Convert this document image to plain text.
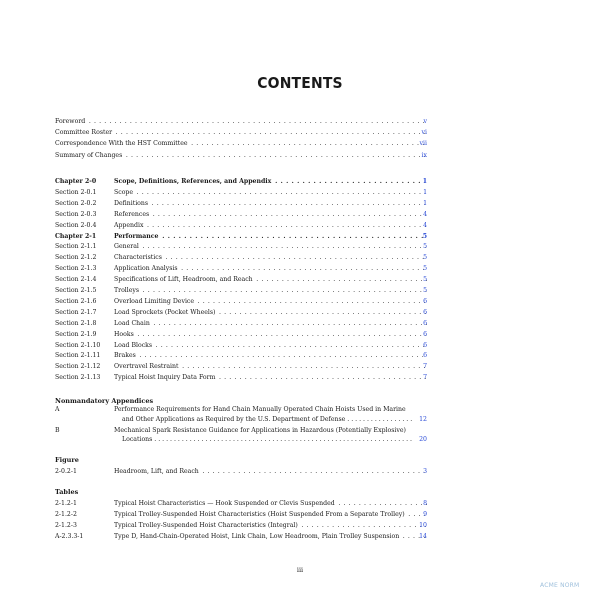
CONTENTS
Foreword . . .	v
Committee Roster . . .	vi
Correspondence With the HST Committee . . .	vii
Summary of Changes . . .	ix
Chapter 2-0	Scope, Definitions, References, and Appendix . . .	1
Section 2-0.1	Scope . . .	1
Section 2-0.2	Definitions . . .	1
Section 2-0.3	References . . .	4
Section 2-0.4	Appendix . . .	4
Chapter 2-1	Performance . . .	5
Section 2-1.1	General . . .	5
Section 2-1.2	Characteristics . . .	5
Section 2-1.3	Application Analysis . . .	5
Section 2-1.4	Specifications of Lift, Headroom, and Reach . . .	5
Section 2-1.5	Trolleys . . .	5
Section 2-1.6	Overload Limiting Device . . .	6
Section 2-1.7	Load Sprockets (Pocket Wheels) . . .	6
Section 2-1.8	Load Chain . . .	6
Section 2-1.9	Hooks . . .	6
Section 2-1.10 Load Blocks . . .	6
Section 2-1.11 Brakes . . .	6
Section 2-1.12 Overtravel Restraint . . .	7
Section 2-1.13 Typical Hoist Inquiry Data Form . . .	7
Nonmandatory Appendices
A	Performance Requirements for Hand Chain Manually Operated Chain Hoists Used in Marine
and Other Applications as Required by the U.S. Department of Defense . . .	12
B	Mechanical Spark Resistance Guidance for Applications in Hazardous (Potentially Explosive)
Locations . . .	20
Figure
2-0.2-1	Headroom, Lift, and Reach . . .	3
Tables
2-1.2-1	Typical Hoist Characteristics — Hook Suspended or Clevis Suspended . . .	8
2-1.2-2	Typical Trolley-Suspended Hoist Characteristics (Hoist Suspended From a Separate Trolley) . . .	9
2-1.2-3	Typical Trolley-Suspended Hoist Characteristics (Integral) . . .	10
A-2.3.3-1	Type D, Hand-Chain-Operated Hoist, Link Chain, Low Headroom, Plain Trolley Suspension . . .	14
iii
ACME NORM
